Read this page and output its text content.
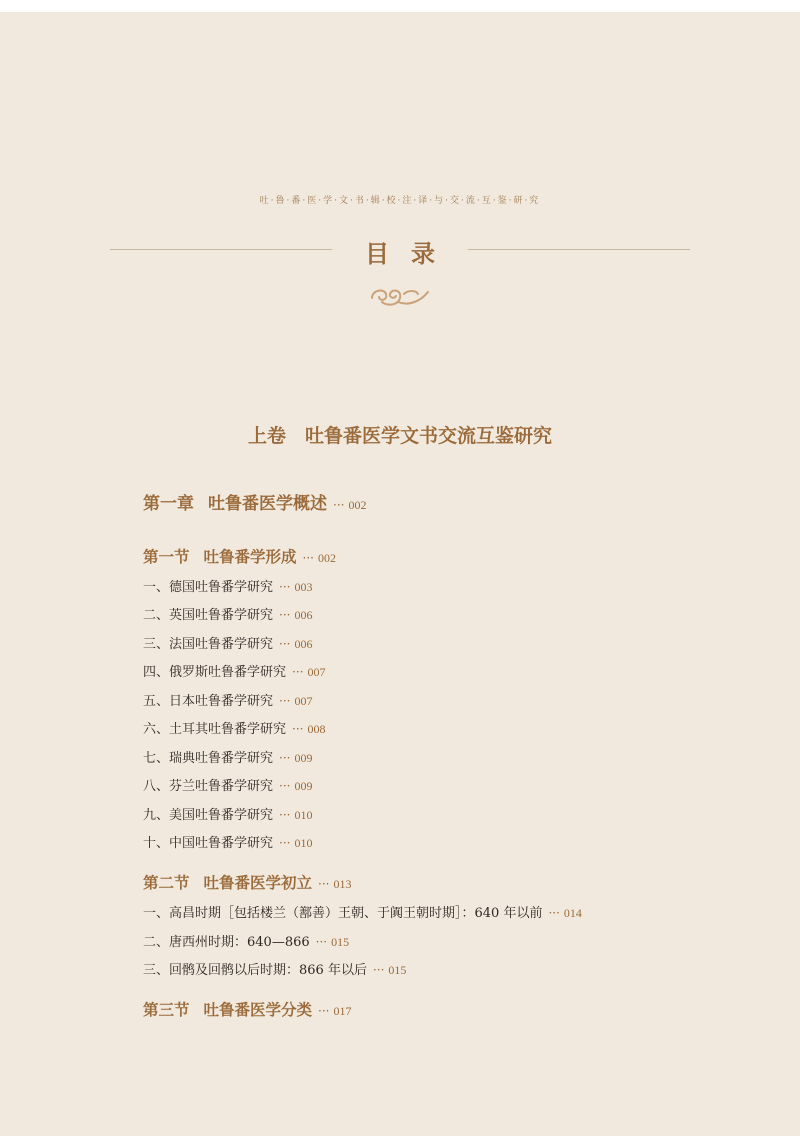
吐·鲁·番·医·学·文·书·辑·校·注·译·与·交·流·互·鉴·研·究
目录
上卷　吐鲁番医学文书交流互鉴研究
第一章 吐鲁番医学概述 ··· 002
第一节 吐鲁番学形成 ··· 002
一、德国吐鲁番学研究 ··· 003
二、英国吐鲁番学研究 ··· 006
三、法国吐鲁番学研究 ··· 006
四、俄罗斯吐鲁番学研究 ··· 007
五、日本吐鲁番学研究 ··· 007
六、土耳其吐鲁番学研究 ··· 008
七、瑞典吐鲁番学研究 ··· 009
八、芬兰吐鲁番学研究 ··· 009
九、美国吐鲁番学研究 ··· 010
十、中国吐鲁番学研究 ··· 010
第二节 吐鲁番医学初立 ··· 013
一、高昌时期［包括楼兰（鄯善）王朝、于阗王朝时期］：640 年以前 ··· 014
二、唐西州时期：640—866 ··· 015
三、回鹘及回鹘以后时期：866 年以后 ··· 015
第三节 吐鲁番医学分类 ··· 017
